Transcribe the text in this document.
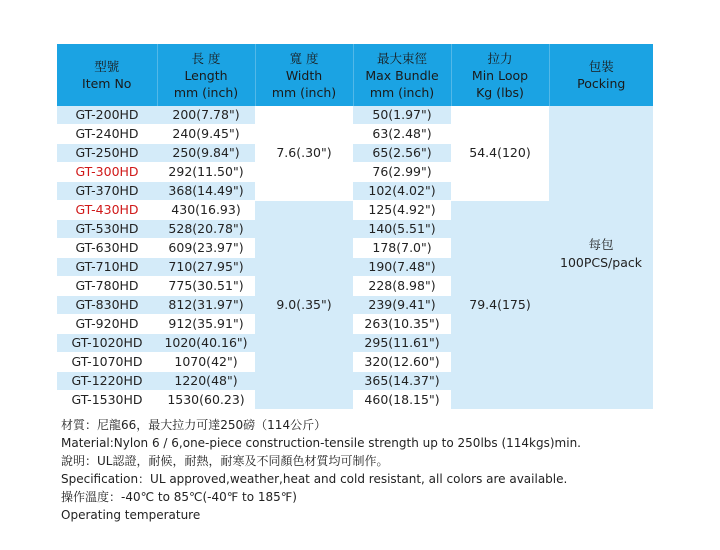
型號
Item No	長 度
Length
mm (inch)	寬 度
Width
mm (inch)	最大束徑
Max Bundle
mm (inch)	拉力
Min Loop
Kg (lbs)	包裝
Pocking

GT-200HD	200(7.78")	7.6(.30")	50(1.97")	54.4(120)	每包
100PCS/pack

GT-240HD	240(9.45")		63(2.48")		
GT-250HD	250(9.84")		65(2.56")		
GT-300HD	292(11.50")		76(2.99")		
GT-370HD	368(14.49")		102(4.02")		
GT-430HD	430(16.93)	9.0(.35")	125(4.92")	79.4(175)	
GT-530HD	528(20.78")		140(5.51")		
GT-630HD	609(23.97")		178(7.0")		
GT-710HD	710(27.95")		190(7.48")		
GT-780HD	775(30.51")		228(8.98")		
GT-830HD	812(31.97")		239(9.41")		
GT-920HD	912(35.91")		263(10.35")		
GT-1020HD	1020(40.16")		295(11.61")		
GT-1070HD	1070(42")		320(12.60")		
GT-1220HD	1220(48")		365(14.37")		
GT-1530HD	1530(60.23)		460(18.15")		
材質：尼龍66，最大拉力可達250磅（114公斤）
Material:Nylon 6 / 6,one-piece construction-tensile strength up to 250lbs (114kgs)min.
說明：UL認證，耐候，耐熱，耐寒及不同顏色材質均可制作。
Specification：UL approved,weather,heat and cold resistant, all colors are available.
操作溫度：-40℃ to 85℃(-40℉ to 185℉)
Operating temperature
